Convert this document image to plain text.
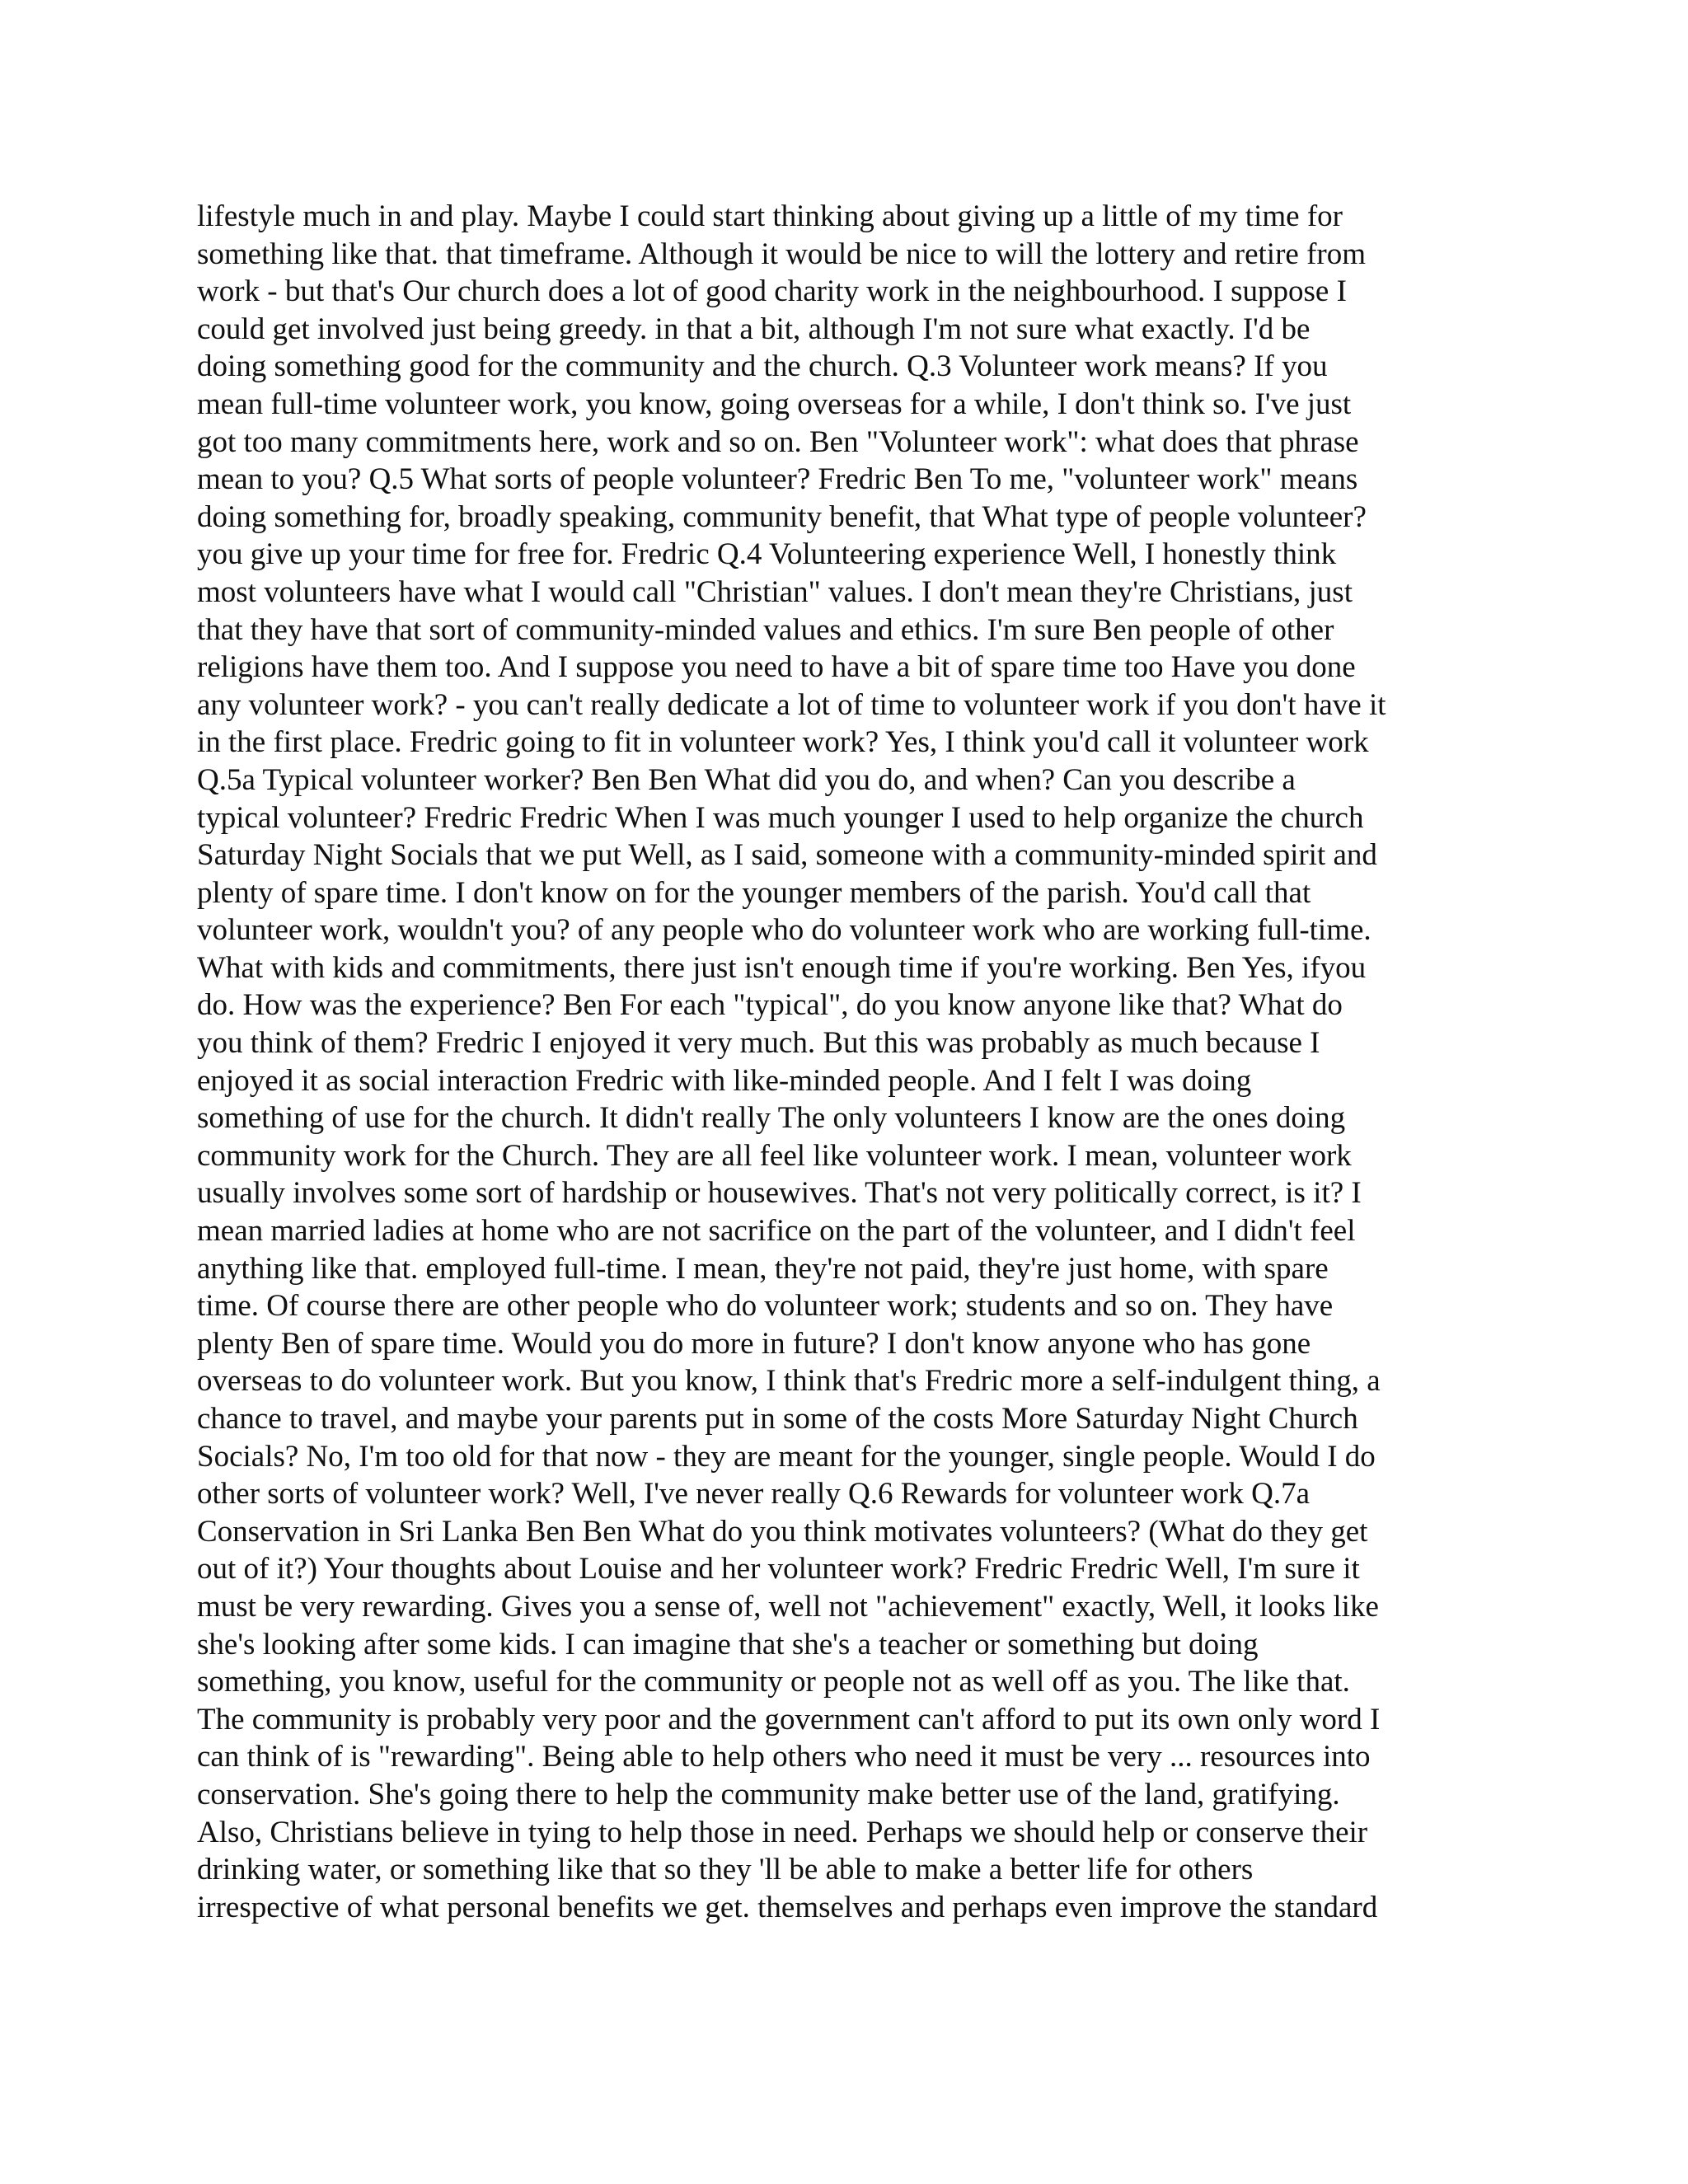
lifestyle much in and play. Maybe I could start thinking about giving up a little of my time for
something like that. that timeframe. Although it would be nice to will the lottery and retire from
work - but that's Our church does a lot of good charity work in the neighbourhood. I suppose I
could get involved just being greedy. in that a bit, although I'm not sure what exactly. I'd be
doing something good for the community and the church. Q.3 Volunteer work means? If you
mean full-time volunteer work, you know, going overseas for a while, I don't think so. I've just
got too many commitments here, work and so on. Ben "Volunteer work": what does that phrase
mean to you? Q.5 What sorts of people volunteer? Fredric Ben To me, "volunteer work" means
doing something for, broadly speaking, community benefit, that What type of people volunteer?
you give up your time for free for. Fredric Q.4 Volunteering experience Well, I honestly think
most volunteers have what I would call "Christian" values. I don't mean they're Christians, just
that they have that sort of community-minded values and ethics. I'm sure Ben people of other
religions have them too. And I suppose you need to have a bit of spare time too Have you done
any volunteer work? - you can't really dedicate a lot of time to volunteer work if you don't have it
in the first place. Fredric going to fit in volunteer work? Yes, I think you'd call it volunteer work
Q.5a Typical volunteer worker? Ben Ben What did you do, and when? Can you describe a
typical volunteer? Fredric Fredric When I was much younger I used to help organize the church
Saturday Night Socials that we put Well, as I said, someone with a community-minded spirit and
plenty of spare time. I don't know on for the younger members of the parish. You'd call that
volunteer work, wouldn't you? of any people who do volunteer work who are working full-time.
What with kids and commitments, there just isn't enough time if you're working. Ben Yes, ifyou
do. How was the experience? Ben For each "typical", do you know anyone like that? What do
you think of them? Fredric I enjoyed it very much. But this was probably as much because I
enjoyed it as social interaction Fredric with like-minded people. And I felt I was doing
something of use for the church. It didn't really The only volunteers I know are the ones doing
community work for the Church. They are all feel like volunteer work. I mean, volunteer work
usually involves some sort of hardship or housewives. That's not very politically correct, is it? I
mean married ladies at home who are not sacrifice on the part of the volunteer, and I didn't feel
anything like that. employed full-time. I mean, they're not paid, they're just home, with spare
time. Of course there are other people who do volunteer work; students and so on. They have
plenty Ben of spare time. Would you do more in future? I don't know anyone who has gone
overseas to do volunteer work. But you know, I think that's Fredric more a self-indulgent thing, a
chance to travel, and maybe your parents put in some of the costs More Saturday Night Church
Socials? No, I'm too old for that now - they are meant for the younger, single people. Would I do
other sorts of volunteer work? Well, I've never really Q.6 Rewards for volunteer work Q.7a
Conservation in Sri Lanka Ben Ben What do you think motivates volunteers? (What do they get
out of it?) Your thoughts about Louise and her volunteer work? Fredric Fredric Well, I'm sure it
must be very rewarding. Gives you a sense of, well not "achievement" exactly, Well, it looks like
she's looking after some kids. I can imagine that she's a teacher or something but doing
something, you know, useful for the community or people not as well off as you. The like that.
The community is probably very poor and the government can't afford to put its own only word I
can think of is "rewarding". Being able to help others who need it must be very ... resources into
conservation. She's going there to help the community make better use of the land, gratifying.
Also, Christians believe in tying to help those in need. Perhaps we should help or conserve their
drinking water, or something like that so they 'll be able to make a better life for others
irrespective of what personal benefits we get. themselves and perhaps even improve the standard
